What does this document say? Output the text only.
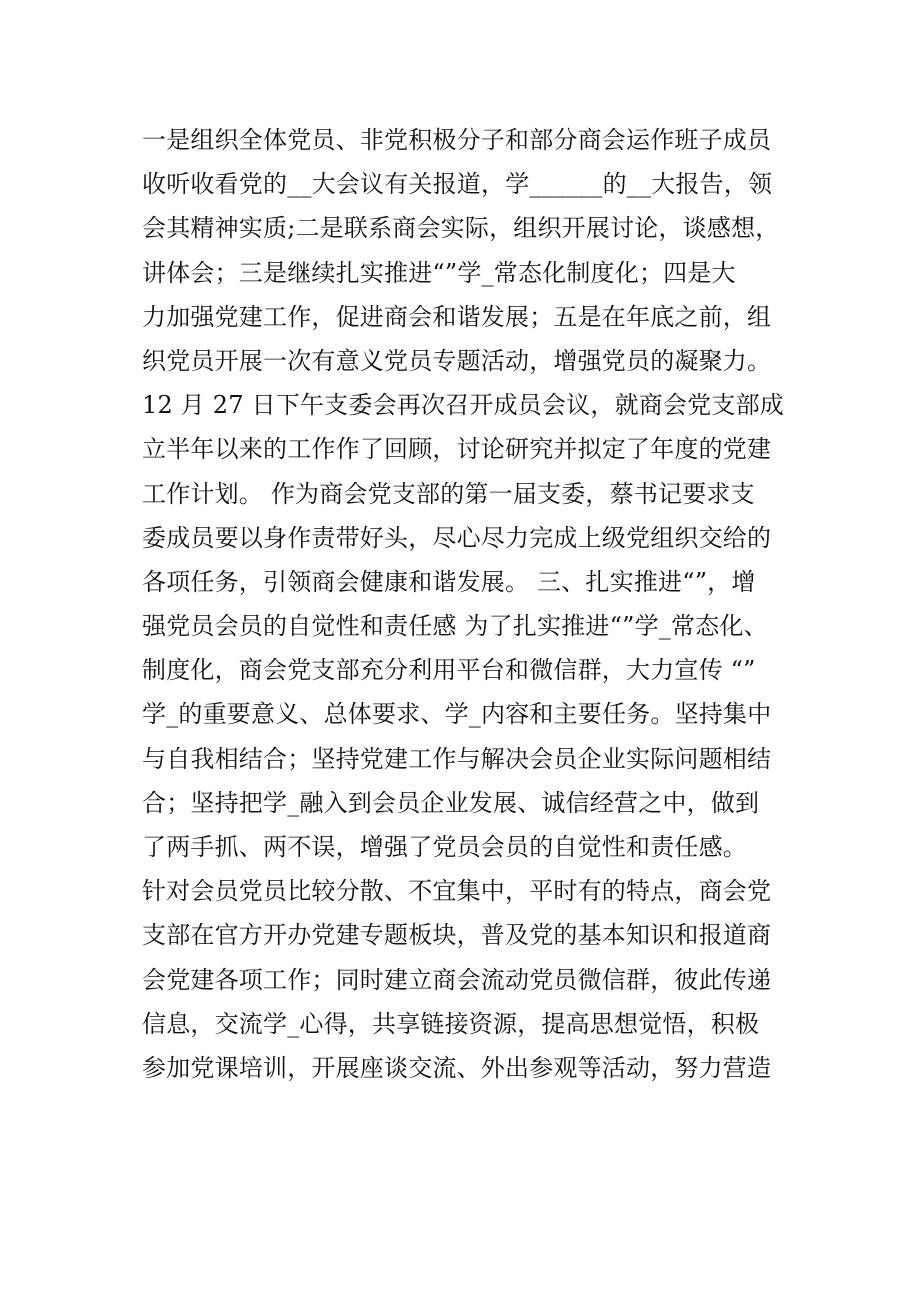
一是组织全体党员、非党积极分子和部分商会运作班子成员
收听收看党的__大会议有关报道，学______的__大报告，领
会其精神实质;二是联系商会实际，组织开展讨论，谈感想，
讲体会；三是继续扎实推进“”学_常态化制度化；四是大
力加强党建工作，促进商会和谐发展；五是在年底之前，组
织党员开展一次有意义党员专题活动，增强党员的凝聚力。
12 月 27 日下午支委会再次召开成员会议，就商会党支部成
立半年以来的工作作了回顾，讨论研究并拟定了年度的党建
工作计划。 作为商会党支部的第一届支委，蔡书记要求支
委成员要以身作责带好头，尽心尽力完成上级党组织交给的
各项任务，引领商会健康和谐发展。 三、扎实推进“”，增
强党员会员的自觉性和责任感 为了扎实推进“”学_常态化、
制度化，商会党支部充分利用平台和微信群，大力宣传 “”
学_的重要意义、总体要求、学_内容和主要任务。坚持集中
与自我相结合；坚持党建工作与解决会员企业实际问题相结
合；坚持把学_融入到会员企业发展、诚信经营之中，做到
了两手抓、两不误，增强了党员会员的自觉性和责任感。
针对会员党员比较分散、不宜集中，平时有的特点，商会党
支部在官方开办党建专题板块，普及党的基本知识和报道商
会党建各项工作；同时建立商会流动党员微信群，彼此传递
信息，交流学_心得，共享链接资源，提高思想觉悟，积极
参加党课培训，开展座谈交流、外出参观等活动，努力营造
